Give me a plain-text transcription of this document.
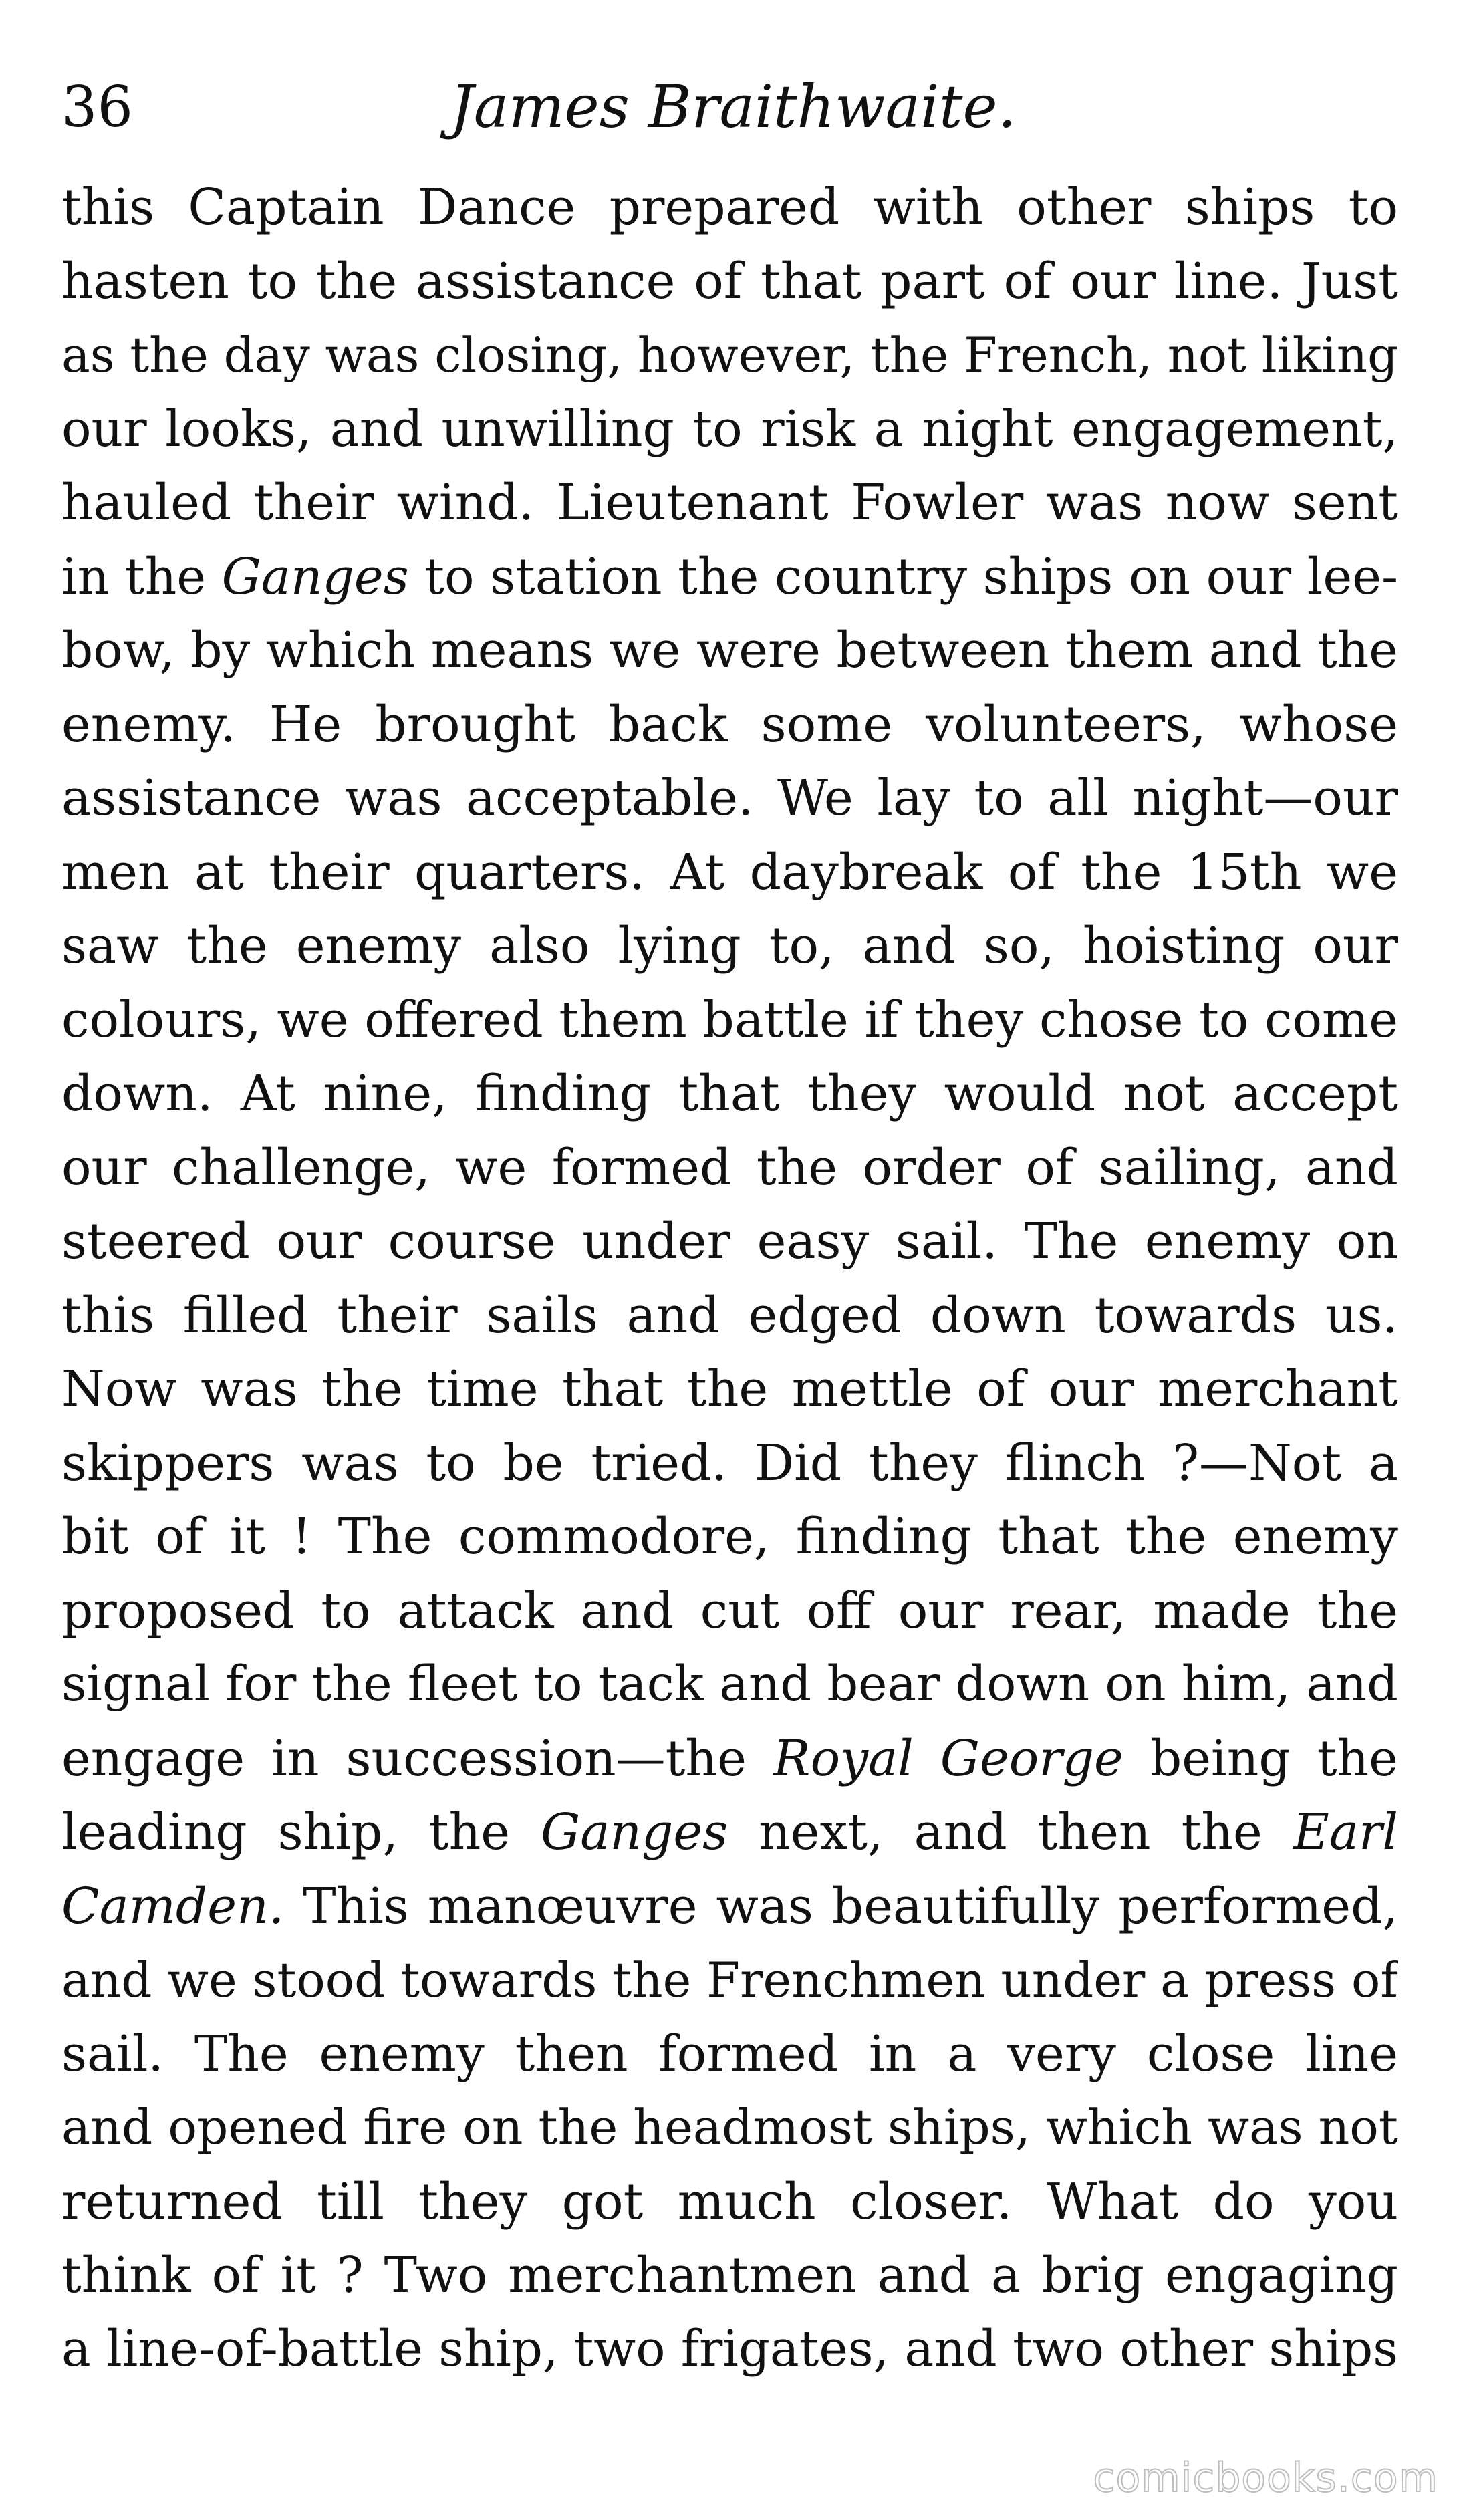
36	James Braithwaite.
this Captain Dance prepared with other ships to
hasten to the assistance of that part of our line. Just
as the day was closing, however, the French, not liking
our looks, and unwilling to risk a night engagement,
hauled their wind. Lieutenant Fowler was now sent
in the Ganges to station the country ships on our lee-
bow, by which means we were between them and the
enemy. He brought back some volunteers, whose
assistance was acceptable. We lay to all night—our
men at their quarters. At daybreak of the 15th we
saw the enemy also lying to, and so, hoisting our
colours, we offered them battle if they chose to come
down. At nine, finding that they would not accept
our challenge, we formed the order of sailing, and
steered our course under easy sail. The enemy on
this filled their sails and edged down towards us.
Now was the time that the mettle of our merchant
skippers was to be tried. Did they flinch ?—Not a
bit of it ! The commodore, finding that the enemy
proposed to attack and cut off our rear, made the
signal for the fleet to tack and bear down on him, and
engage in succession—the Royal George being the
leading ship, the Ganges next, and then the Earl
Camden. This manœuvre was beautifully performed,
and we stood towards the Frenchmen under a press of
sail. The enemy then formed in a very close line
and opened fire on the headmost ships, which was not
returned till they got much closer. What do you
think of it ? Two merchantmen and a brig engaging
a line-of-battle ship, two frigates, and two other ships
comicbooks.com
